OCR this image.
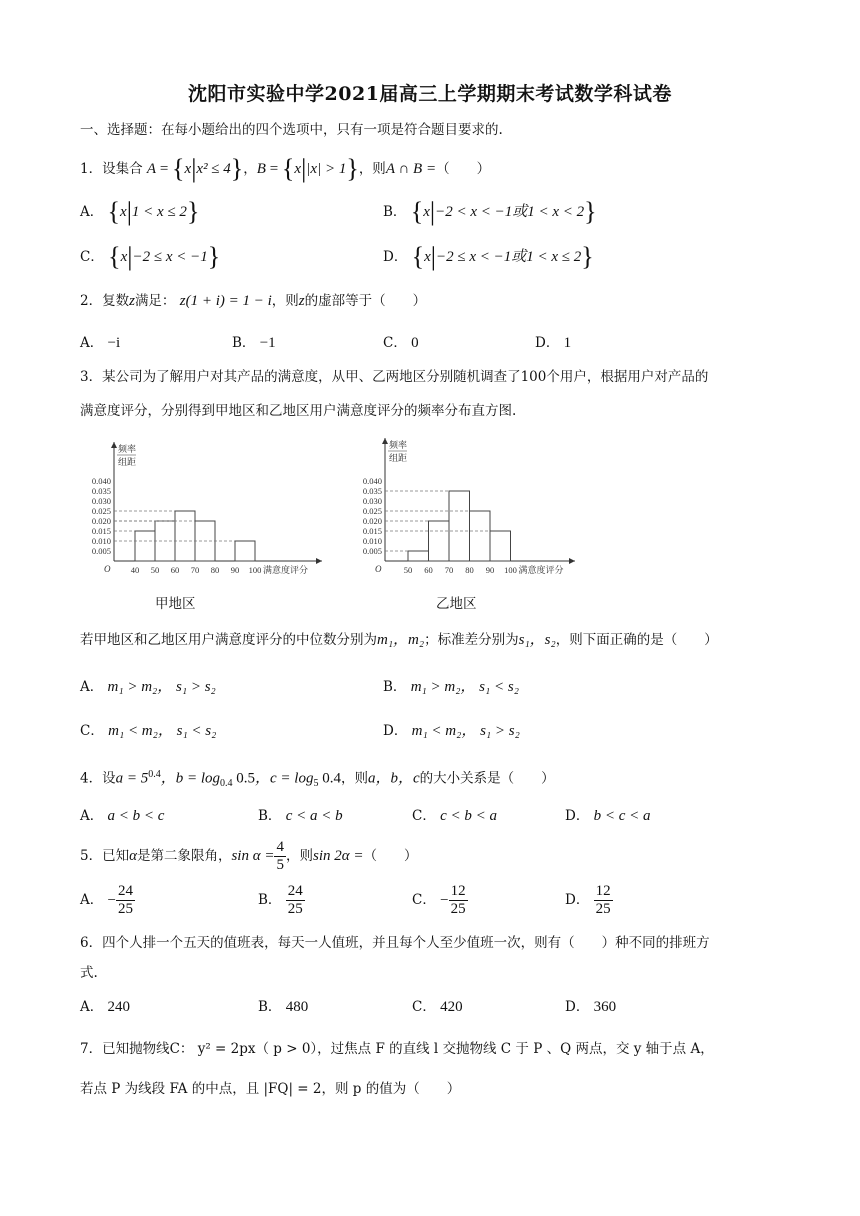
沈阳市实验中学2021届高三上学期期末考试数学科试卷
一、选择题：在每小题给出的四个选项中，只有一项是符合题目要求的.
1．设集合 A = {x|x² ≤ 4}，B = {x||x| > 1}，则A ∩ B =（　　）
A． {x|1 < x ≤ 2}	B． {x|−2 < x < −1或1 < x < 2}
C． {x|−2 ≤ x < −1}	D． {x|−2 ≤ x < −1或1 < x ≤ 2}
2．复数z满足： z(1 + i) = 1 − i，则z的虚部等于（　　）
A． −i	B． −1	C． 0	D． 1
3．某公司为了解用户对其产品的满意度，从甲、乙两地区分别随机调查了100个用户，根据用户对产品的
满意度评分，分别得到甲地区和乙地区用户满意度评分的频率分布直方图.
频率
组距
0.005
0.010
0.015
0.020
0.025
0.030
0.035
0.040
O 40 50 60 70 80 90 100 满意度评分
频率
组距
0.005
0.010
0.015
0.020
0.025
0.030
0.035
0.040
O	50 60 70 80 90 100 满意度评分
甲地区	乙地区
若甲地区和乙地区用户满意度评分的中位数分别为m₁，m₂；标准差分别为s₁，s₂，则下面正确的是（　　）
A． m₁ > m₂， s₁ > s₂	B． m₁ > m₂， s₁ < s₂
C． m₁ < m₂， s₁ < s₂	D． m₁ < m₂， s₁ > s₂
4．设$a = 5^{0.4}$，$b = \log_{0.4} 0.5$，$c = \log_5 0.4$，则a，b，c的大小关系是（　　）
A． a < b < c	B． c < a < b	C． c < b < a	D． b < c < a
5．已知α是第二象限角，$\sin \alpha = \frac{4}{5}$ ，则sin 2α =（　　）
A． − $\frac{24}{25}$	B． $\frac{24}{25}$	C． − $\frac{12}{25}$	D． $\frac{12}{25}$
6．四个人排一个五天的值班表，每天一人值班，并且每个人至少值班一次，则有（　　）种不同的排班方
式.
A． 240	B． 480	C． 420	D． 360
7．已知抛物线C： y² = 2px（ p > 0），过焦点 F 的直线 l 交抛物线 C 于 P 、Q 两点，交 y 轴于点 A，
若点 P 为线段 FA 的中点，且 |FQ| = 2，则 p 的值为（　　）
